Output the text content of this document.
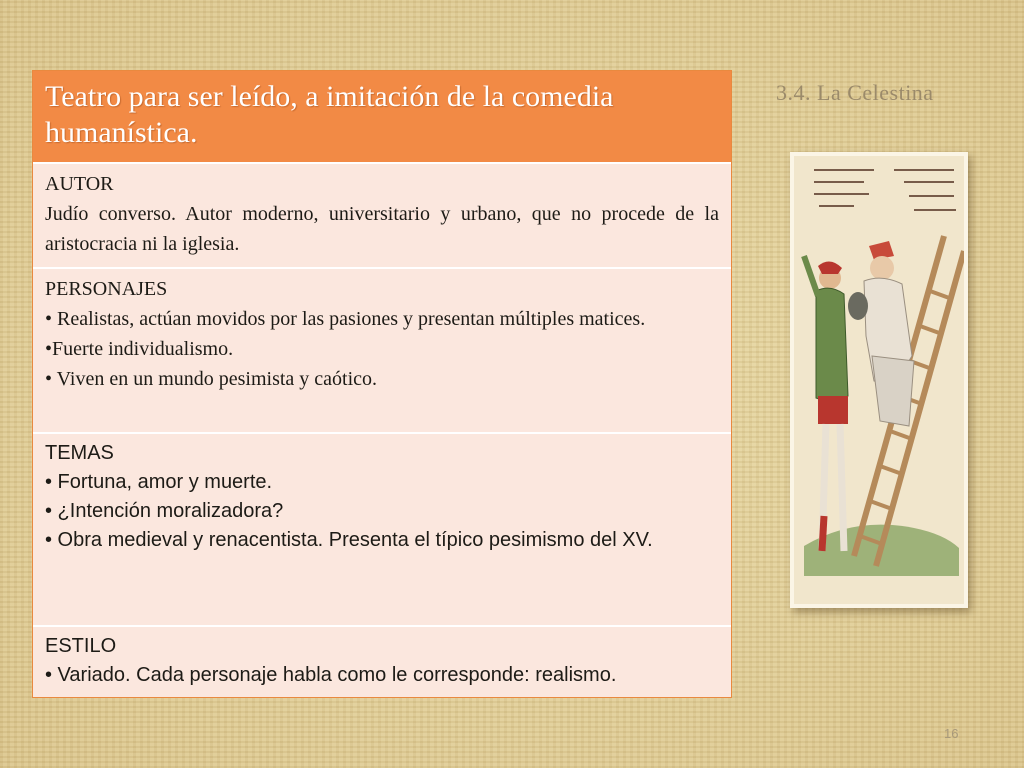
Teatro para ser leído, a imitación de la comedia humanística.
AUTOR
Judío converso. Autor moderno, universitario y urbano, que no procede de la aristocracia ni la iglesia.
PERSONAJES
• Realistas, actúan movidos por las pasiones y presentan múltiples matices.
•Fuerte individualismo.
• Viven en un mundo pesimista y caótico.
TEMAS
• Fortuna, amor y muerte.
• ¿Intención moralizadora?
• Obra medieval y renacentista. Presenta el típico pesimismo del XV.
ESTILO
• Variado. Cada personaje habla como le corresponde: realismo.
3.4. La Celestina
16
